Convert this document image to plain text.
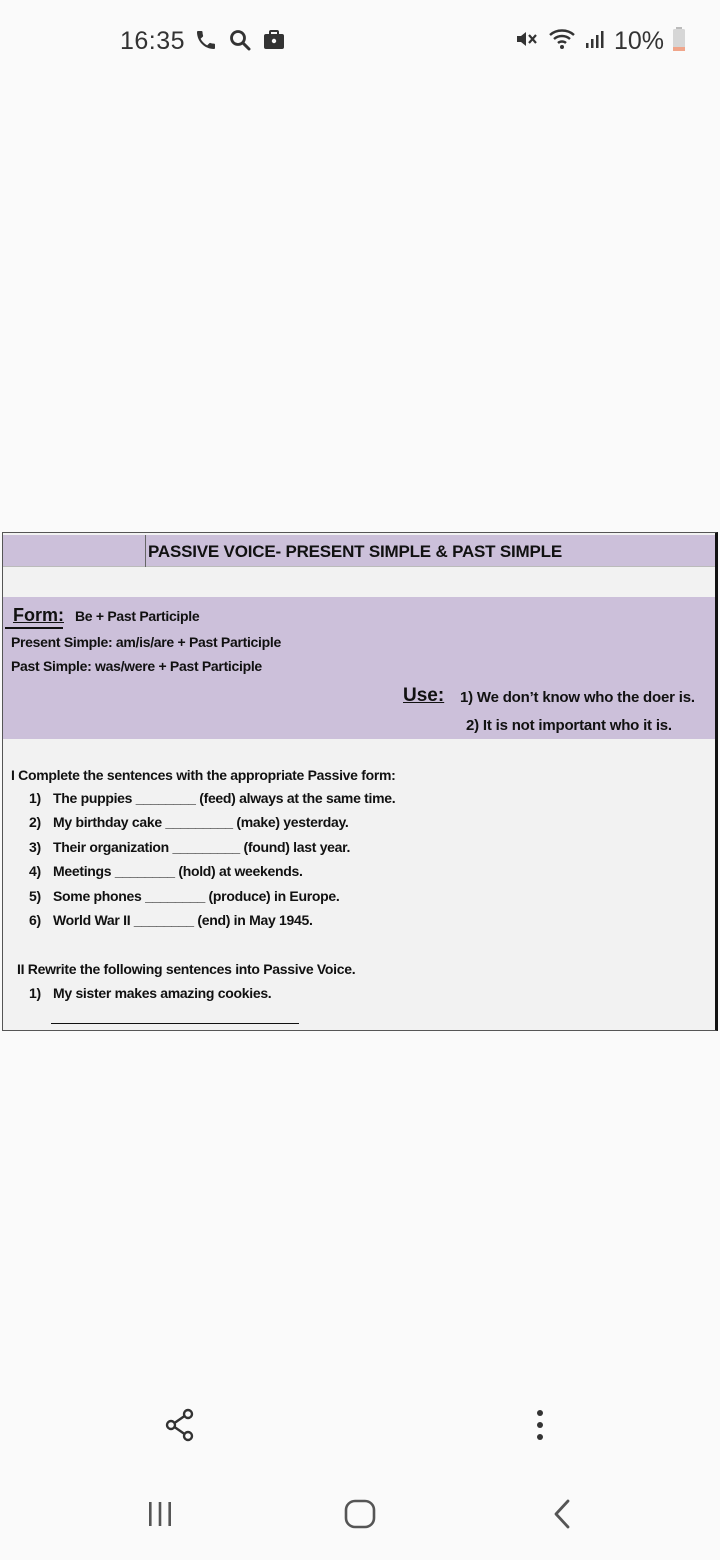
16:35	10%
PASSIVE VOICE- PRESENT SIMPLE & PAST SIMPLE
Form: Be + Past Participle
Present Simple: am/is/are + Past Participle
Past Simple: was/were + Past Participle
Use: 1) We don’t know who the doer is.
2) It is not important who it is.
I Complete the sentences with the appropriate Passive form:
1) The puppies ________ (feed) always at the same time.
2) My birthday cake _________ (make) yesterday.
3) Their organization _________ (found) last year.
4) Meetings ________ (hold) at weekends.
5) Some phones ________ (produce) in Europe.
6) World War II ________ (end) in May 1945.
II Rewrite the following sentences into Passive Voice.
1) My sister makes amazing cookies.
